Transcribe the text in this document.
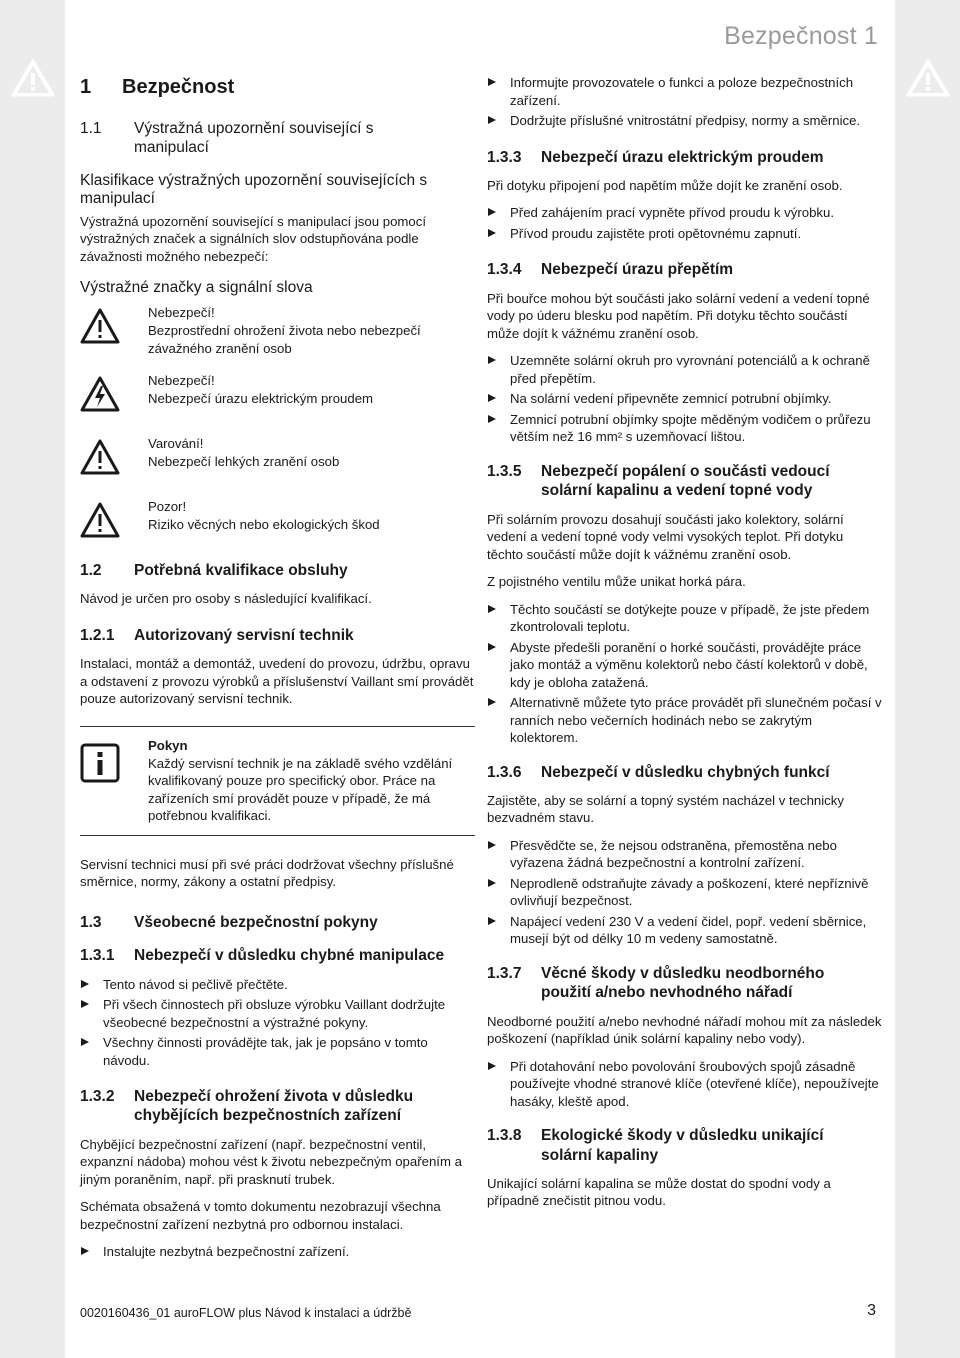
Bezpečnost 1
1	Bezpečnost
1.1	Výstražná upozornění související s manipulací
Klasifikace výstražných upozornění souvisejících s manipulací

Výstražná upozornění související s manipulací jsou pomocí výstražných značek a signálních slov odstupňována podle závažnosti možného nebezpečí:

Výstražné značky a signální slova
Nebezpečí!
Bezprostřední ohrožení života nebo nebezpečí závažného zranění osob
Nebezpečí!
Nebezpečí úrazu elektrickým proudem
Varování!
Nebezpečí lehkých zranění osob
Pozor!
Riziko věcných nebo ekologických škod
1.2	Potřebná kvalifikace obsluhy

Návod je určen pro osoby s následující kvalifikací.

1.2.1	Autorizovaný servisní technik

Instalaci, montáž a demontáž, uvedení do provozu, údržbu, opravu a odstavení z provozu výrobků a příslušenství Vaillant smí provádět pouze autorizovaný servisní technik.

Pokyn
Každý servisní technik je na základě svého vzdělání kvalifikovaný pouze pro specifický obor. Práce na zařízeních smí provádět pouze v případě, že má potřebnou kvalifikaci.

Servisní technici musí při své práci dodržovat všechny příslušné směrnice, normy, zákony a ostatní předpisy.

1.3	Všeobecné bezpečnostní pokyny
1.3.1	Nebezpečí v důsledku chybné manipulace
Tento návod si pečlivě přečtěte.
Při všech činnostech při obsluze výrobku Vaillant dodržujte všeobecné bezpečnostní a výstražné pokyny.
Všechny činnosti provádějte tak, jak je popsáno v tomto návodu.
1.3.2	Nebezpečí ohrožení života v důsledku chybějících bezpečnostních zařízení

Chybějící bezpečnostní zařízení (např. bezpečnostní ventil, expanzní nádoba) mohou vést k životu nebezpečným opařením a jiným poraněním, např. při prasknutí trubek.

Schémata obsažená v tomto dokumentu nezobrazují všechna bezpečnostní zařízení nezbytná pro odbornou instalaci.

Instalujte nezbytná bezpečnostní zařízení.
Informujte provozovatele o funkci a poloze bezpečnostních zařízení.
Dodržujte příslušné vnitrostátní předpisy, normy a směrnice.
1.3.3	Nebezpečí úrazu elektrickým proudem

Při dotyku připojení pod napětím může dojít ke zranění osob.

Před zahájením prací vypněte přívod proudu k výrobku.
Přívod proudu zajistěte proti opětovnému zapnutí.
1.3.4	Nebezpečí úrazu přepětím

Při bouřce mohou být součásti jako solární vedení a vedení topné vody po úderu blesku pod napětím. Při dotyku těchto součástí může dojít k vážnému zranění osob.

Uzemněte solární okruh pro vyrovnání potenciálů a k ochraně před přepětím.
Na solární vedení připevněte zemnicí potrubní objímky.
Zemnicí potrubní objímky spojte měděným vodičem o průřezu větším než 16 mm² s uzemňovací lištou.
1.3.5	Nebezpečí popálení o součásti vedoucí solární kapalinu a vedení topné vody

Při solárním provozu dosahují součásti jako kolektory, solární vedení a vedení topné vody velmi vysokých teplot. Při dotyku těchto součástí může dojít k vážnému zranění osob.

Z pojistného ventilu může unikat horká pára.

Těchto součástí se dotýkejte pouze v případě, že jste předem zkontrolovali teplotu.
Abyste předešli poranění o horké součásti, provádějte práce jako montáž a výměnu kolektorů nebo částí kolektorů v době, kdy je obloha zatažená.
Alternativně můžete tyto práce provádět při slunečném počasí v ranních nebo večerních hodinách nebo se zakrytým kolektorem.
1.3.6	Nebezpečí v důsledku chybných funkcí

Zajistěte, aby se solární a topný systém nacházel v technicky bezvadném stavu.

Přesvědčte se, že nejsou odstraněna, přemostěna nebo vyřazena žádná bezpečnostní a kontrolní zařízení.
Neprodleně odstraňujte závady a poškození, které nepříznivě ovlivňují bezpečnost.
Napájecí vedení 230 V a vedení čidel, popř. vedení sběrnice, musejí být od délky 10 m vedeny samostatně.
1.3.7	Věcné škody v důsledku neodborného použití a/nebo nevhodného nářadí

Neodborné použití a/nebo nevhodné nářadí mohou mít za následek poškození (například únik solární kapaliny nebo vody).

Při dotahování nebo povolování šroubových spojů zásadně používejte vhodné stranové klíče (otevřené klíče), nepoužívejte hasáky, kleště apod.
1.3.8	Ekologické škody v důsledku unikající solární kapaliny

Unikající solární kapalina se může dostat do spodní vody a případně znečistit pitnou vodu.

0020160436_01 auroFLOW plus Návod k instalaci a údržbě	3
